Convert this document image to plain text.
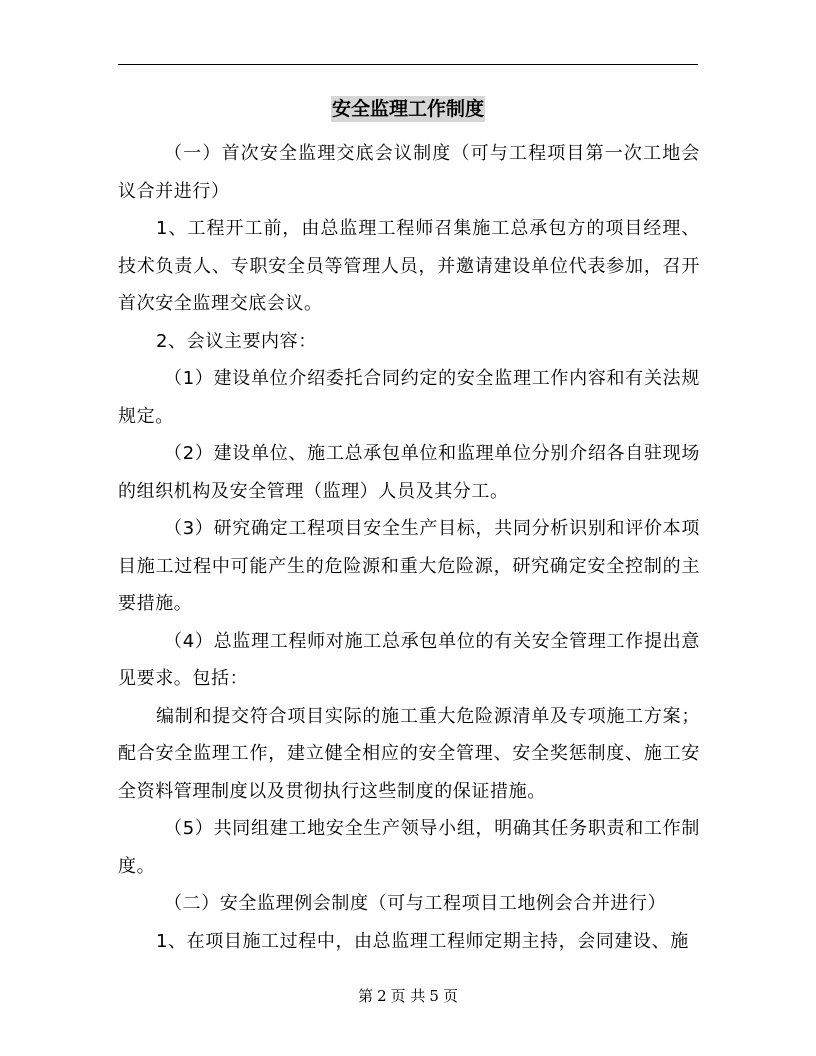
安全监理工作制度

（一）首次安全监理交底会议制度（可与工程项目第一次工地会议合并进行）

1、工程开工前，由总监理工程师召集施工总承包方的项目经理、技术负责人、专职安全员等管理人员，并邀请建设单位代表参加，召开首次安全监理交底会议。

2、会议主要内容：

（1）建设单位介绍委托合同约定的安全监理工作内容和有关法规规定。

（2）建设单位、施工总承包单位和监理单位分别介绍各自驻现场的组织机构及安全管理（监理）人员及其分工。

（3）研究确定工程项目安全生产目标，共同分析识别和评价本项目施工过程中可能产生的危险源和重大危险源，研究确定安全控制的主要措施。

（4）总监理工程师对施工总承包单位的有关安全管理工作提出意见要求。包括：

编制和提交符合项目实际的施工重大危险源清单及专项施工方案；配合安全监理工作，建立健全相应的安全管理、安全奖惩制度、施工安全资料管理制度以及贯彻执行这些制度的保证措施。

（5）共同组建工地安全生产领导小组，明确其任务职责和工作制度。

（二）安全监理例会制度（可与工程项目工地例会合并进行）

1、在项目施工过程中，由总监理工程师定期主持，会同建设、施

第 2 页 共 5 页
